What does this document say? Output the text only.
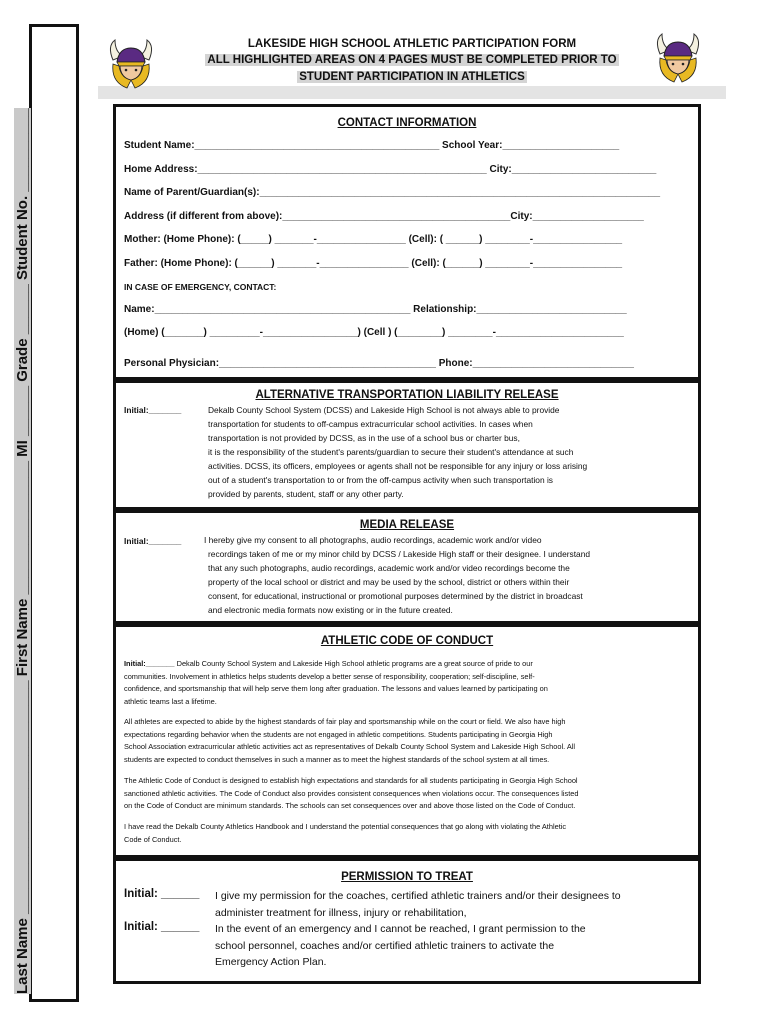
Last Name ____________________________ First Name ________________ MI ______ Grade ______ Student No. __________
LAKESIDE HIGH SCHOOL ATHLETIC PARTICIPATION FORM
ALL HIGHLIGHTED AREAS ON 4 PAGES MUST BE COMPLETED PRIOR TO
STUDENT PARTICIPATION IN ATHLETICS
CONTACT INFORMATION
Student Name:____________________________________________ School Year:_____________________
Home Address:____________________________________________________ City:__________________________
Name of Parent/Guardian(s):________________________________________________________________________
Address (if different from above):_________________________________________City:____________________
Mother: (Home Phone): (_____) _______-________________ (Cell): ( ______) ________-________________
Father: (Home Phone): (______) _______-________________ (Cell): (______) ________-________________
IN CASE OF EMERGENCY, CONTACT:
Name:______________________________________________ Relationship:___________________________
(Home) (_______) _________-_________________) (Cell ) (________) ________-_______________________
Personal Physician:_______________________________________ Phone:_____________________________
ALTERNATIVE TRANSPORTATION LIABILITY RELEASE
Initial:_______	Dekalb County School System (DCSS) and Lakeside High School is not always able to provide
transportation for students to off-campus extracurricular school activities. In cases when
transportation is not provided by DCSS, as in the use of a school bus or charter bus,
it is the responsibility of the student's parents/guardian to secure their student's attendance at such
activities. DCSS, its officers, employees or agents shall not be responsible for any injury or loss arising
out of a student's transportation to or from the off-campus activity when such transportation is
provided by parents, student, staff or any other party.
MEDIA RELEASE
Initial:_______	I hereby give my consent to all photographs, audio recordings, academic work and/or video
recordings taken of me or my minor child by DCSS / Lakeside High staff or their designee. I understand
that any such photographs, audio recordings, academic work and/or video recordings become the
property of the local school or district and may be used by the school, district or others within their
consent, for educational, instructional or promotional purposes determined by the district in broadcast
and electronic media formats now existing or in the future created.
ATHLETIC CODE OF CONDUCT
Initial:_______ Dekalb County School System and Lakeside High School athletic programs are a great source of pride to our
communities. Involvement in athletics helps students develop a better sense of responsibility, cooperation; self-discipline, self-
confidence, and sportsmanship that will help serve them long after graduation. The lessons and values learned by participating on
athletic teams last a lifetime.
All athletes are expected to abide by the highest standards of fair play and sportsmanship while on the court or field. We also have high
expectations regarding behavior when the students are not engaged in athletic competitions. Students participating in Georgia High
School Association extracurricular athletic activities act as representatives of Dekalb County School System and Lakeside High School. All
students are expected to conduct themselves in such a manner as to meet the highest standards of the school system at all times.
The Athletic Code of Conduct is designed to establish high expectations and standards for all students participating in Georgia High School
sanctioned athletic activities. The Code of Conduct also provides consistent consequences when violations occur. The consequences listed
on the Code of Conduct are minimum standards. The schools can set consequences over and above those listed on the Code of Conduct.
I have read the Dekalb County Athletics Handbook and I understand the potential consequences that go along with violating the Athletic
Code of Conduct.
PERMISSION TO TREAT
Initial: ______
Initial: ______
I give my permission for the coaches, certified athletic trainers and/or their designees to
administer treatment for illness, injury or rehabilitation,
In the event of an emergency and I cannot be reached, I grant permission to the
school personnel, coaches and/or certified athletic trainers to activate the
Emergency Action Plan.
